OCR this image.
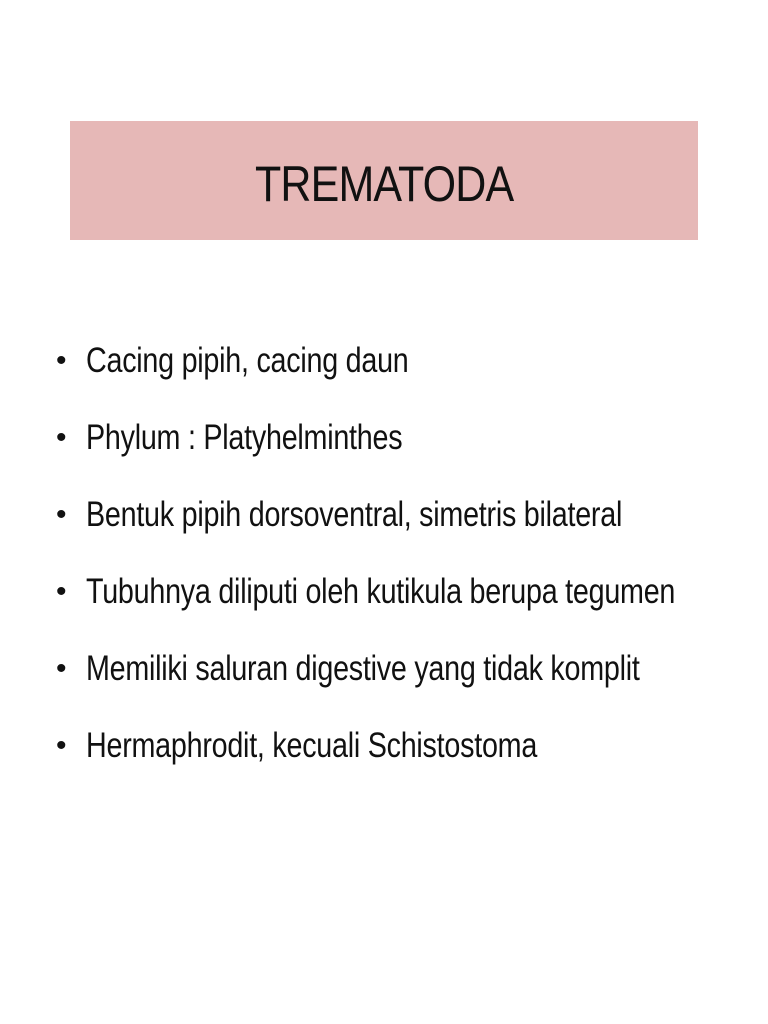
TREMATODA
• Cacing pipih, cacing daun
• Phylum : Platyhelminthes
• Bentuk pipih dorsoventral, simetris bilateral
• Tubuhnya diliputi oleh kutikula berupa tegumen
• Memiliki saluran digestive yang tidak komplit
• Hermaphrodit, kecuali Schistostoma
